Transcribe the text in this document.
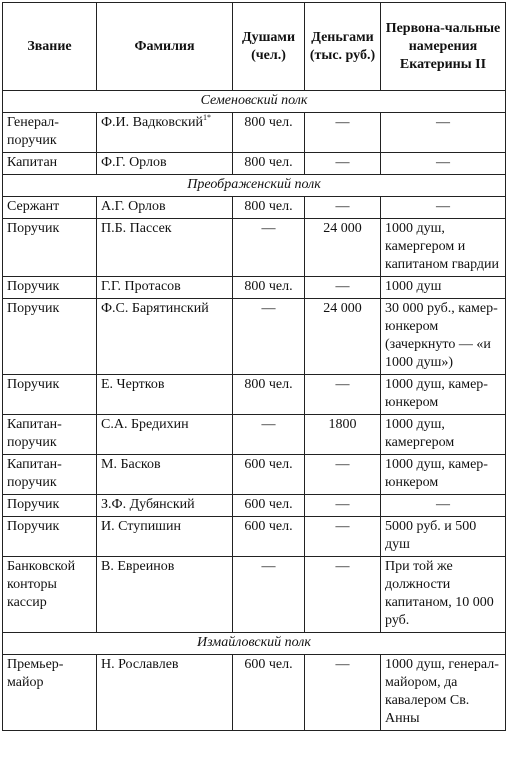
Звание	Фамилия	Душами (чел.)	Деньгами (тыс. руб.)	Первона-чальные намерения Екатерины II
Семеновский полк				
Генерал-поручик	Ф.И. Вадковский$^{1*}$	800 чел.	—	—
Капитан	Ф.Г. Орлов	800 чел.	—	—
Преображенский полк				
Сержант	А.Г. Орлов	800 чел.	—	—
Поручик	П.Б. Пассек	—	24 000	1000 душ, камергером и капитаном гвардии
Поручик	Г.Г. Протасов	800 чел.	—	1000 душ
Поручик	Ф.С. Барятинский	—	24 000	30 000 руб., камер-юнкером (зачеркнуто — «и 1000 душ»)
Поручик	Е. Чертков	800 чел.	—	1000 душ, камер-юнкером
Капитан-поручик	С.А. Бредихин	—	1800	1000 душ, камергером
Капитан-поручик	М. Басков	600 чел.	—	1000 душ, камер-юнкером
Поручик	З.Ф. Дубянский	600 чел.	—	—
Поручик	И. Ступишин	600 чел.	—	5000 руб. и 500 душ
Банковской конторы кассир	В. Евреинов	—	—	При той же должности капитаном, 10 000 руб.
Измайловский полк				
Премьер-майор	Н. Рославлев	600 чел.	—	1000 душ, генерал-майором, да кавалером Св. Анны
